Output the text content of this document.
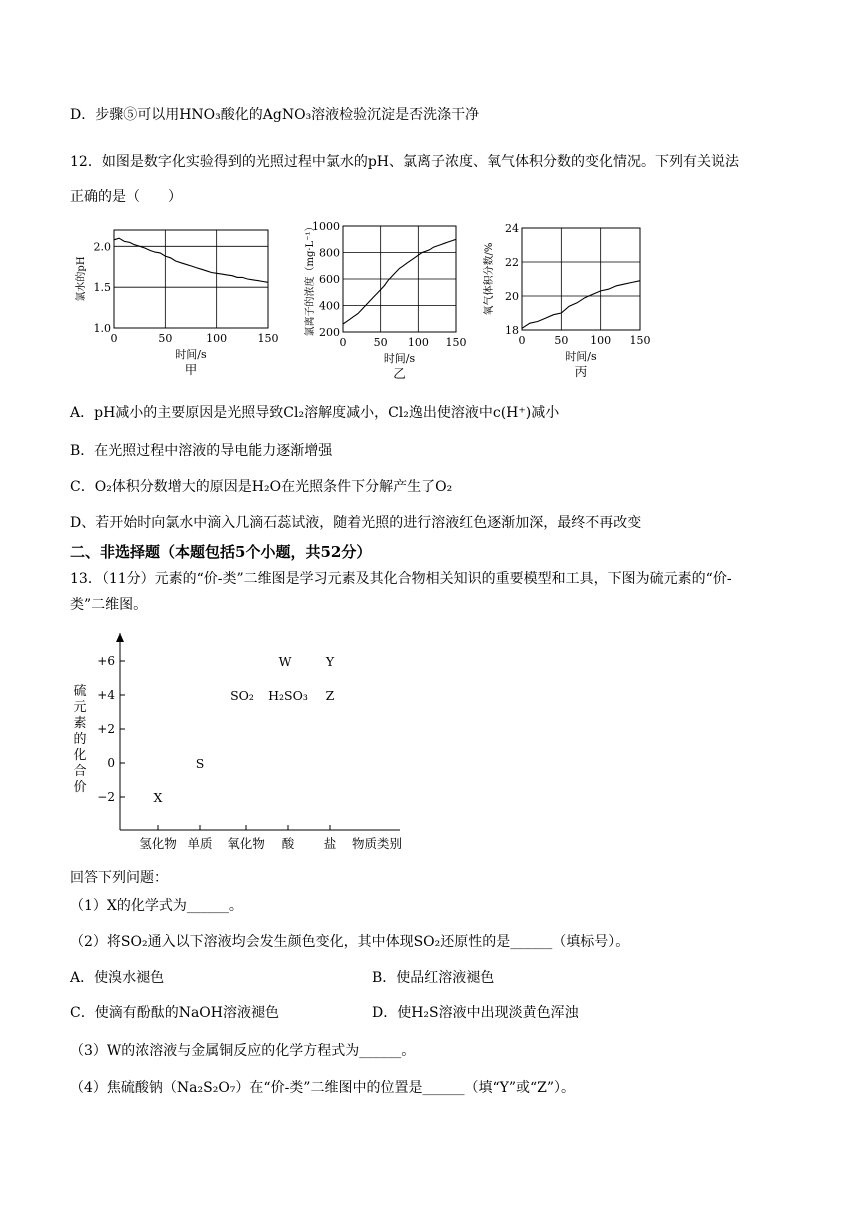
D．步骤⑤可以用HNO₃酸化的AgNO₃溶液检验沉淀是否洗涤干净
12．如图是数字化实验得到的光照过程中氯水的pH、氯离子浓度、氧气体积分数的变化情况。下列有关说法
正确的是（　　）
0	50	100	150
1.0
1.5
2.0
时间/s
甲
氯水的pH
0 50 100 150
200
400
600
800
1000
时间/s
乙
氯离子的浓度（mg·L⁻¹）
0	50 100 150
18
20
22
24
时间/s
丙
氧气体积分数/%
A．pH减小的主要原因是光照导致Cl₂溶解度减小，Cl₂逸出使溶液中c(H⁺)减小
B．在光照过程中溶液的导电能力逐渐增强
C．O₂体积分数增大的原因是H₂O在光照条件下分解产生了O₂
D、若开始时向氯水中滴入几滴石蕊试液，随着光照的进行溶液红色逐渐加深，最终不再改变
二、非选择题（本题包括5个小题，共52分）
13．（11分）元素的“价-类”二维图是学习元素及其化合物相关知识的重要模型和工具，下图为硫元素的“价-
类”二维图。
+6
+4
+2
0
−2
氢化物 单质 氧化物 酸 盐 物质类别
硫
元
素
的
化
合
价
X
S
SO₂ H₂SO₃
W	Y
Z
回答下列问题：
（1）X的化学式为______。
（2）将SO₂通入以下溶液均会发生颜色变化，其中体现SO₂还原性的是______（填标号）。
A．使溴水褪色	B．使品红溶液褪色
C．使滴有酚酞的NaOH溶液褪色	D．使H₂S溶液中出现淡黄色浑浊
（3）W的浓溶液与金属铜反应的化学方程式为______。
（4）焦硫酸钠（Na₂S₂O₇）在“价-类”二维图中的位置是______（填“Y”或“Z”）。
